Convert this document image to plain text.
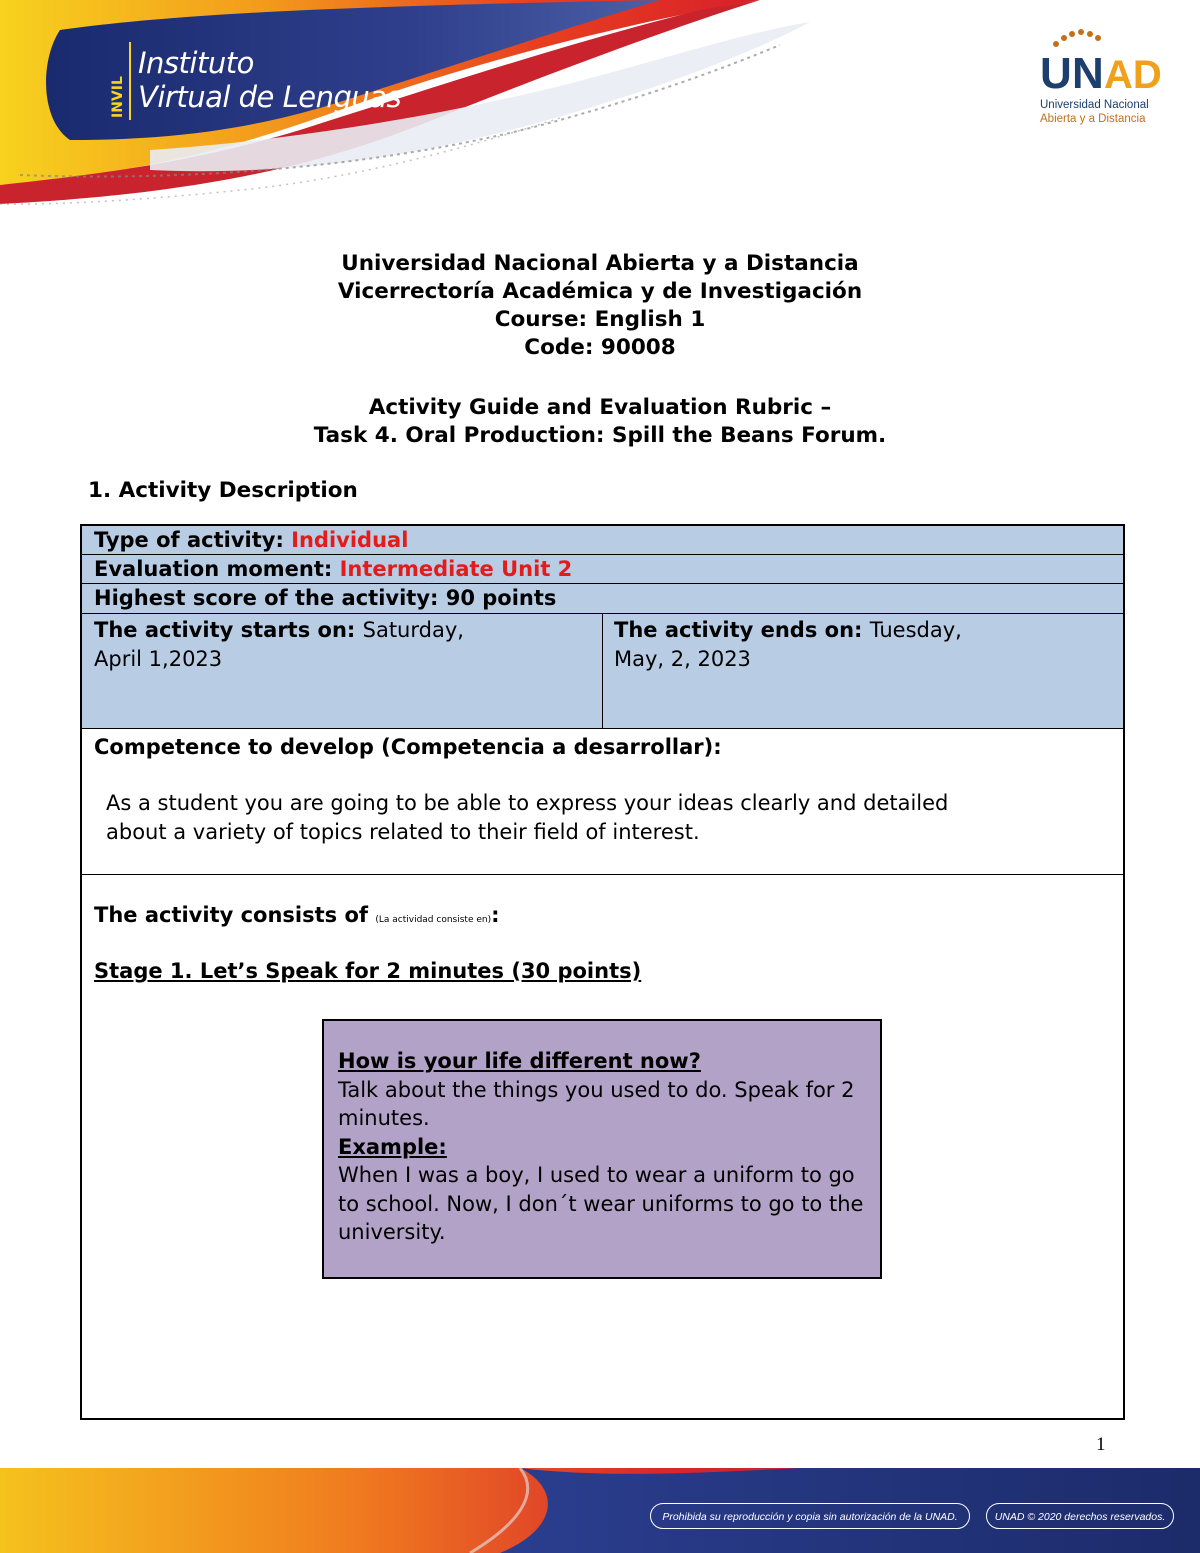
INVIL
Instituto
Virtual de Lenguas	U N AD
Universidad Nacional
Abierta y a Distancia
Universidad Nacional Abierta y a Distancia
Vicerrectoría Académica y de Investigación
Course: English 1
Code: 90008
Activity Guide and Evaluation Rubric –
Task 4. Oral Production: Spill the Beans Forum.
1. Activity Description
Type of activity: Individual
Evaluation moment: Intermediate Unit 2
Highest score of the activity: 90 points
The activity starts on: Saturday,
April 1,2023
The activity ends on: Tuesday,
May, 2, 2023
Competence to develop (Competencia a desarrollar):
As a student you are going to be able to express your ideas clearly and detailed
about a variety of topics related to their field of interest.
The activity consists of (La actividad consiste en):
Stage 1. Let’s Speak for 2 minutes (30 points)
How is your life different now?
Talk about the things you used to do. Speak for 2 minutes.
Example:
When I was a boy, I used to wear a uniform to go to school. Now, I don´t wear uniforms to go to the university.
1
Prohibida su reproducción y copia sin autorización de la UNAD.	UNAD © 2020 derechos reservados.
